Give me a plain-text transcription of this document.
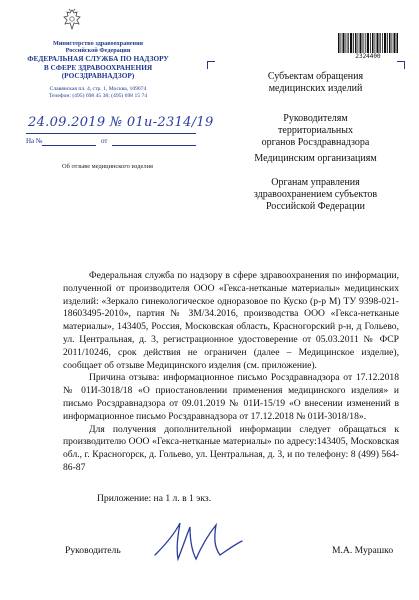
Министерство здравоохранения
Российской Федерации
ФЕДЕРАЛЬНАЯ СЛУЖБА ПО НАДЗОРУ
В СФЕРЕ ЗДРАВООХРАНЕНИЯ
(РОСЗДРАВНАДЗОР)
Славянская пл. 4, стр. 1, Москва, 109074
Телефон: (495) 698 45 38; (495) 698 15 74
24.09.2019 № 01и-2314/19
На №	от
Об отзыве медицинского изделия
2324400
Субъектам обращения
медицинских изделий
Руководителям
территориальных
органов Росздравнадзора
Медицинским организациям
Органам управления
здравоохранением субъектов
Российской Федерации

Федеральная служба по надзору в сфере здравоохранения по информации, полученной от производителя ООО «Гекса-нетканые материалы» медицинских изделий: «Зеркало гинекологическое одноразовое по Куско (р-р М) ТУ 9398-021-18603495-2010», партия № ЗМ/34.2016, производства ООО «Гекса-нетканые материалы», 143405, Россия, Московская область, Красногорский р-н, д Гольево, ул. Центральная, д. 3, регистрационное удостоверение от 05.03.2011 № ФСР 2011/10246, срок действия не ограничен (далее – Медицинское изделие), сообщает об отзыве Медицинского изделия (см. приложение).

Причина отзыва: информационное письмо Росздравнадзора от 17.12.2018 № 01И-3018/18 «О приостановлении применения медицинского изделия» и письмо Росздравнадзора от 09.01.2019 № 01И-15/19 «О внесении изменений в информационное письмо Росздравнадзора от 17.12.2018 № 01И-3018/18».

Для получения дополнительной информации следует обращаться к производителю ООО «Гекса-нетканые материалы» по адресу:143405, Московская обл., г. Красногорск, д. Гольево, ул. Центральная, д. 3, и по телефону: 8 (499) 564-86-87

Приложение: на 1 л. в 1 экз.
Руководитель	М.А. Мурашко
